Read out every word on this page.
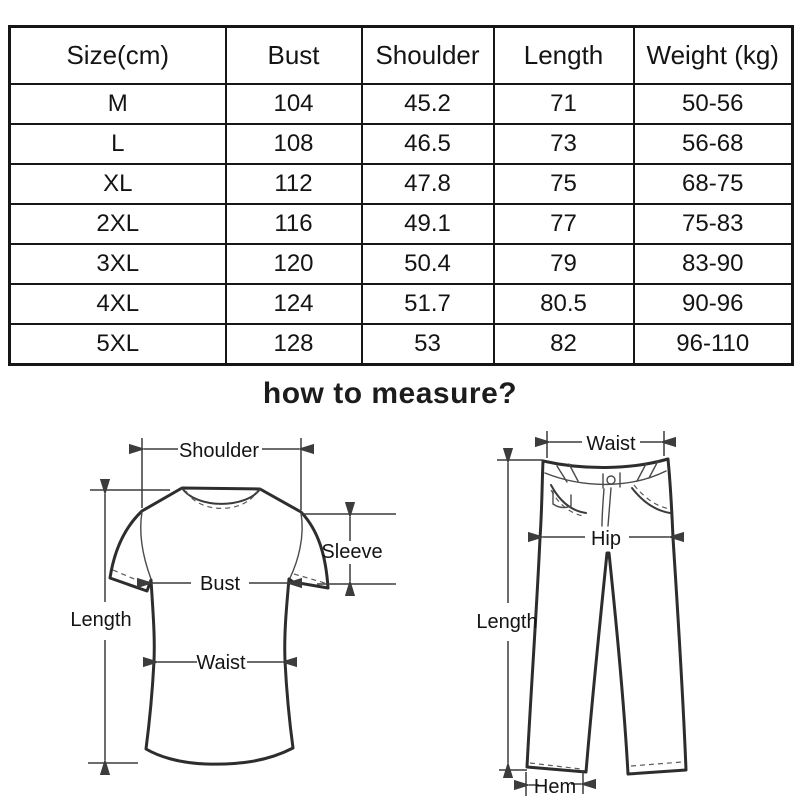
Size(cm)	Bust	Shoulder	Length	Weight (kg)
M	104	45.2	71	50-56
L	108	46.5	73	56-68
XL	112	47.8	75	68-75
2XL	116	49.1	77	75-83
3XL	120	50.4	79	83-90
4XL	124	51.7	80.5	90-96
5XL	128	53	82	96-110
how to measure?
Shoulder
Length
Bust
Waist
Sleeve
Waist
Hip
Length
Hem
